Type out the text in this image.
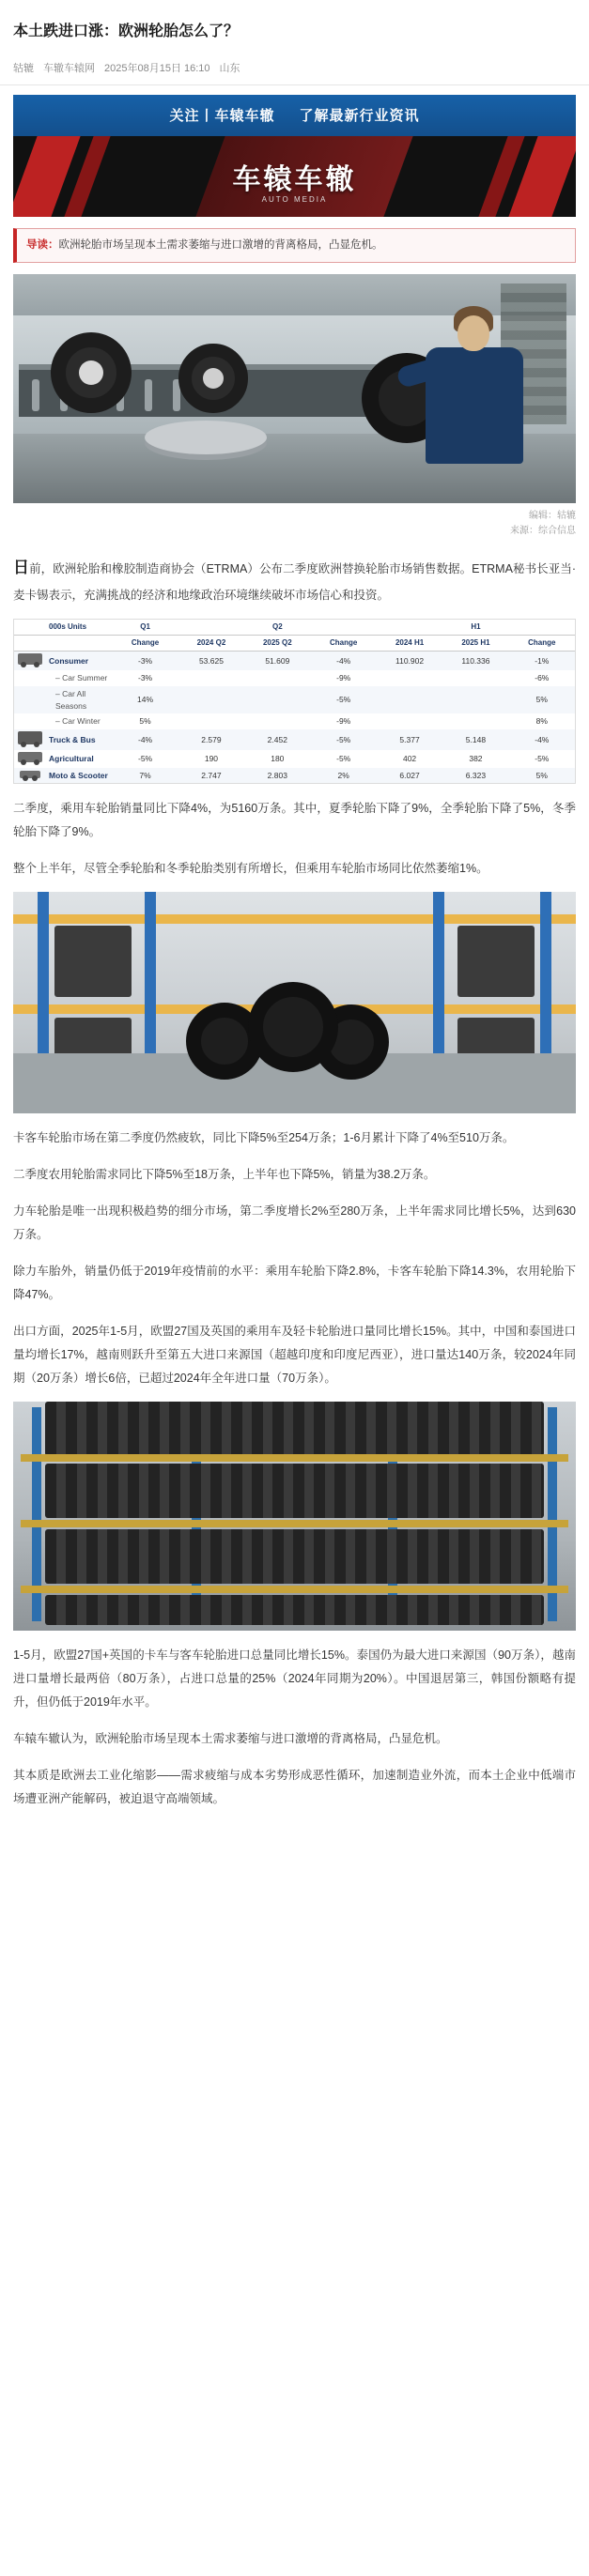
本土跌进口涨：欧洲轮胎怎么了？
轱辘 车辙车辕网 2025年08月15日 16:10 山东
关注丨车辕车辙 了解最新行业资讯
车辕车辙
AUTO MEDIA
导读：欧洲轮胎市场呈现本土需求萎缩与进口激增的背离格局，凸显危机。
编辑：轱辘
来源：综合信息

日前，欧洲轮胎和橡胶制造商协会（ETRMA）公布二季度欧洲替换轮胎市场销售数据。ETRMA秘书长亚当·麦卡锡表示，充满挑战的经济和地缘政治环境继续破坏市场信心和投资。

	000s Units	Q1	Q2			H1		
		Change	2024 Q2	2025 Q2	Change	2024 H1	2025 H1	Change
	Consumer	-3%	53.625	51.609	-4%	110.902	110.336	-1%
	– Car Summer	-3%			-9%			-6%
	– Car All Seasons	14%			-5%			5%
	– Car Winter	5%			-9%			8%
	Truck & Bus	-4%	2.579	2.452	-5%	5.377	5.148	-4%
	Agricultural	-5%	190	180	-5%	402	382	-5%
	Moto & Scooter	7%	2.747	2.803	2%	6.027	6.323	5%

二季度，乘用车轮胎销量同比下降4%，为5160万条。其中，夏季轮胎下降了9%，全季轮胎下降了5%，冬季轮胎下降了9%。

整个上半年，尽管全季轮胎和冬季轮胎类别有所增长，但乘用车轮胎市场同比依然萎缩1%。

卡客车轮胎市场在第二季度仍然疲软，同比下降5%至254万条；1-6月累计下降了4%至510万条。

二季度农用轮胎需求同比下降5%至18万条，上半年也下降5%，销量为38.2万条。

力车轮胎是唯一出现积极趋势的细分市场，第二季度增长2%至280万条，上半年需求同比增长5%，达到630万条。

除力车胎外，销量仍低于2019年疫情前的水平：乘用车轮胎下降2.8%，卡客车轮胎下降14.3%，农用轮胎下降47%。

出口方面，2025年1-5月，欧盟27国及英国的乘用车及轻卡轮胎进口量同比增长15%。其中，中国和泰国进口量均增长17%，越南则跃升至第五大进口来源国（超越印度和印度尼西亚），进口量达140万条，较2024年同期（20万条）增长6倍，已超过2024年全年进口量（70万条）。

1-5月，欧盟27国+英国的卡车与客车轮胎进口总量同比增长15%。泰国仍为最大进口来源国（90万条），越南进口量增长最两倍（80万条），占进口总量的25%（2024年同期为20%）。中国退居第三，韩国份额略有提升，但仍低于2019年水平。

车辕车辙认为，欧洲轮胎市场呈现本土需求萎缩与进口激增的背离格局，凸显危机。

其本质是欧洲去工业化缩影——需求疲缩与成本劣势形成恶性循环，加速制造业外流，而本土企业中低端市场遭亚洲产能解码，被迫退守高端领域。
